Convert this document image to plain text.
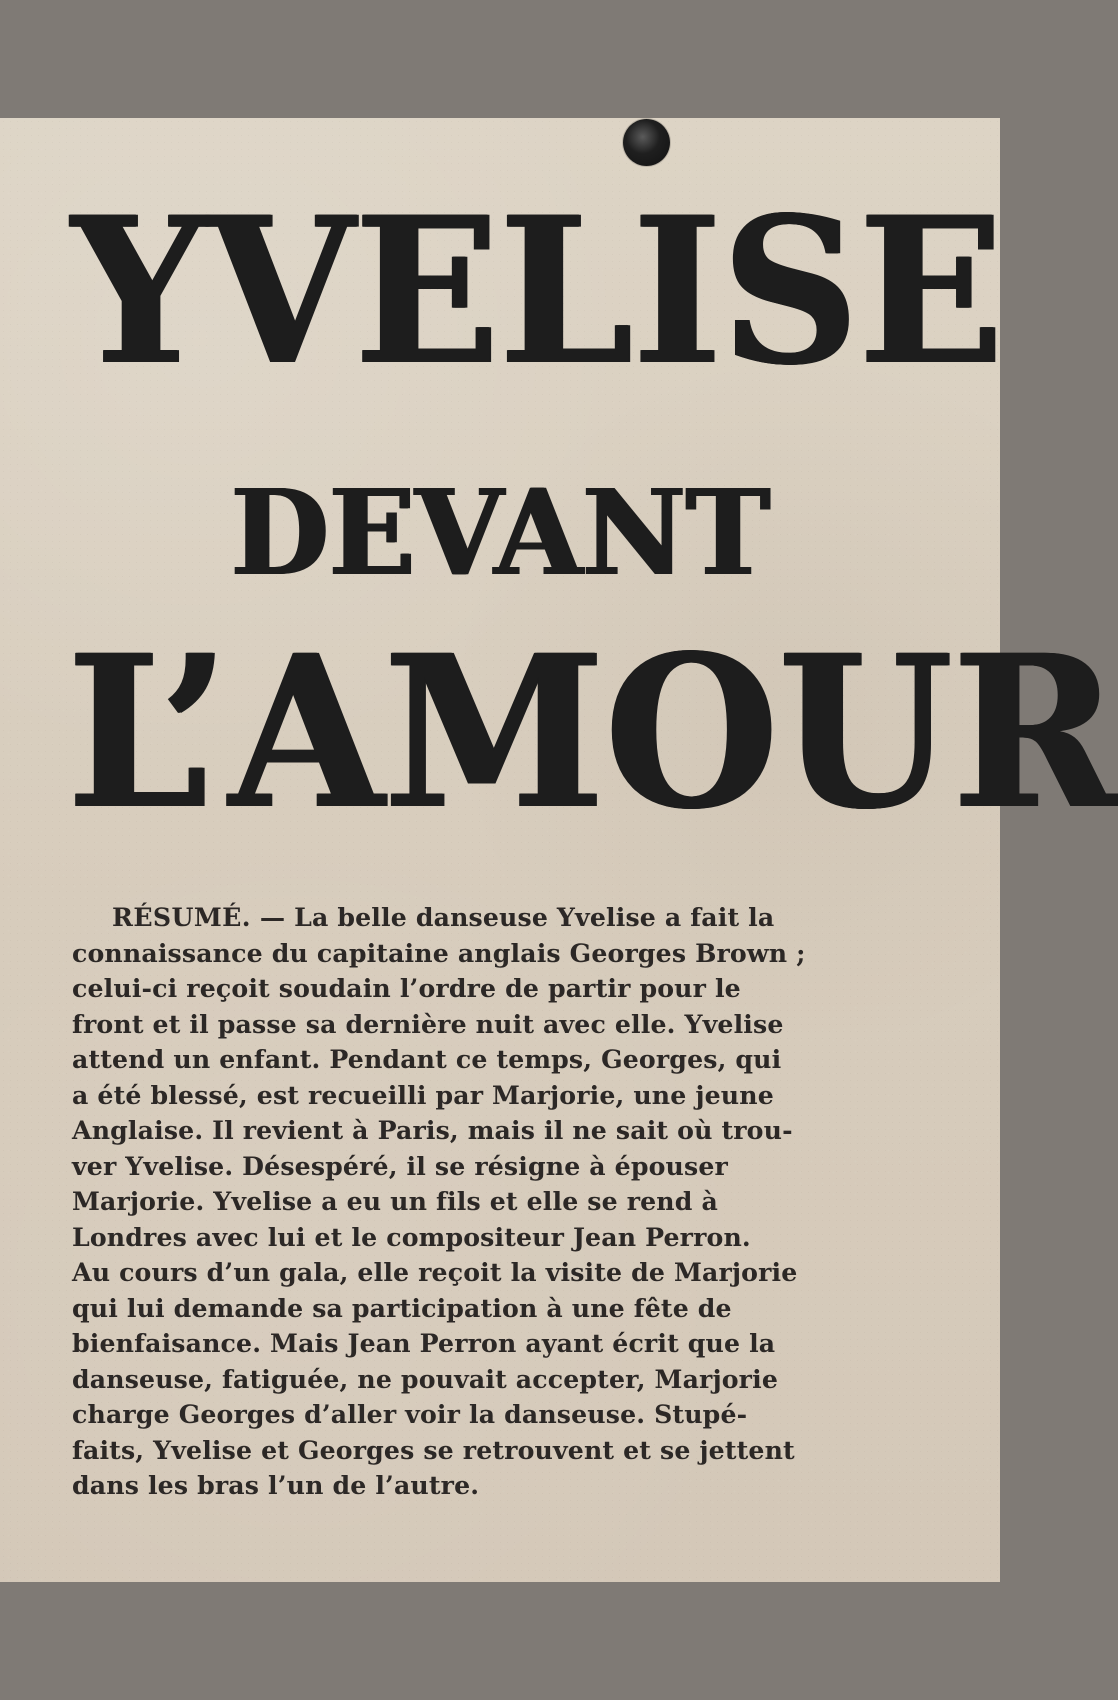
YVELISE
DEVANT
L’AMOUR
RÉSUMÉ. — La belle danseuse Yvelise a fait la
connaissance du capitaine anglais Georges Brown ;
celui-ci reçoit soudain l’ordre de partir pour le
front et il passe sa dernière nuit avec elle. Yvelise
attend un enfant. Pendant ce temps, Georges, qui
a été blessé, est recueilli par Marjorie, une jeune
Anglaise. Il revient à Paris, mais il ne sait où trou-
ver Yvelise. Désespéré, il se résigne à épouser
Marjorie. Yvelise a eu un fils et elle se rend à
Londres avec lui et le compositeur Jean Perron.
Au cours d’un gala, elle reçoit la visite de Marjorie
qui lui demande sa participation à une fête de
bienfaisance. Mais Jean Perron ayant écrit que la
danseuse, fatiguée, ne pouvait accepter, Marjorie
charge Georges d’aller voir la danseuse. Stupé-
faits, Yvelise et Georges se retrouvent et se jettent
dans les bras l’un de l’autre.
